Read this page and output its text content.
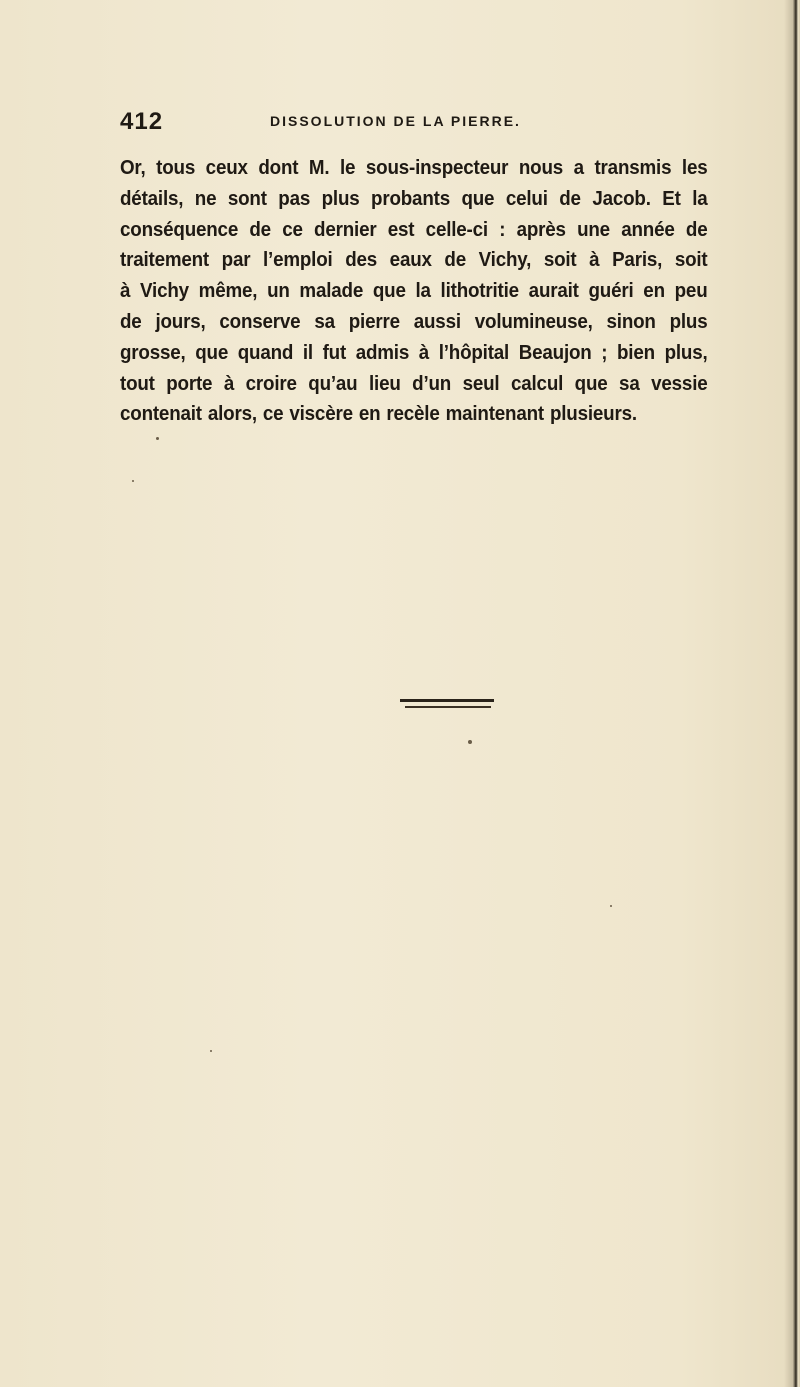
412	DISSOLUTION DE LA PIERRE.
Or, tous ceux dont M. le sous-inspecteur nous a transmis les
détails, ne sont pas plus probants que celui de Jacob. Et la
conséquence de ce dernier est celle-ci : après une année de
traitement par l’emploi des eaux de Vichy, soit à Paris, soit
à Vichy même, un malade que la lithotritie aurait guéri en peu
de jours, conserve sa pierre aussi volumineuse, sinon plus
grosse, que quand il fut admis à l’hôpital Beaujon ; bien plus,
tout porte à croire qu’au lieu d’un seul calcul que sa vessie
contenait alors, ce viscère en recèle maintenant plusieurs.
